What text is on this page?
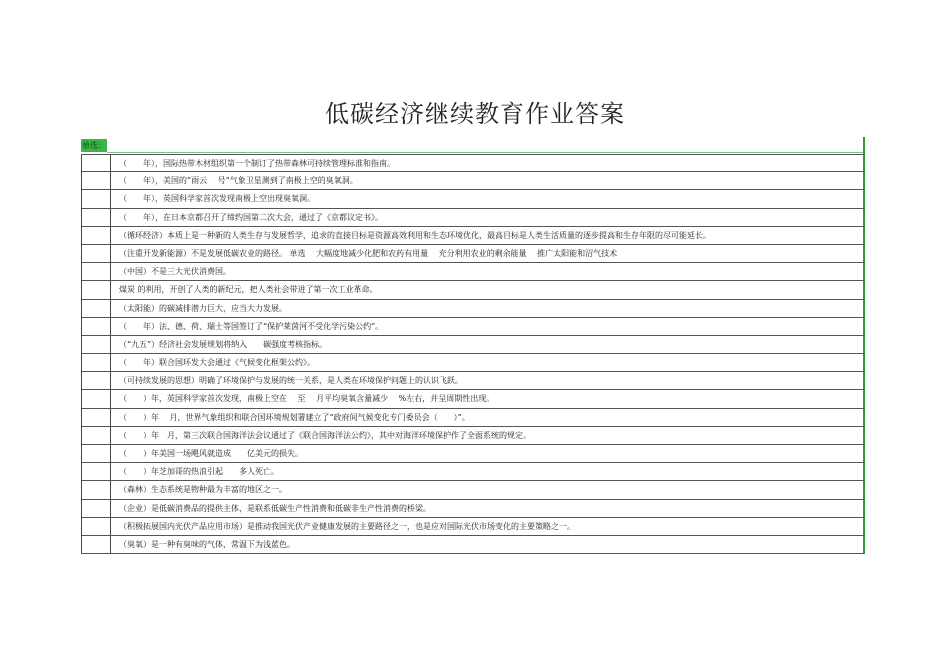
低碳经济继续教育作业答案
单选：
（　　年），国际热带木材组织第一个制订了热带森林可持续管理标准和指南。
（　　年），美国的“雨云　 号”气象卫星测到了南极上空的臭氧洞。
（　　年），英国科学家首次发现南极上空出现臭氧洞。
（　　年），在日本京都召开了缔约国第二次大会，通过了《京都议定书》。
（循环经济）本质上是一种新的人类生存与发展哲学，追求的直接目标是资源高效利用和生态环境优化，最高目标是人类生活质量的逐步提高和生存年限的尽可能延长。
（注重开发新能源）不是发展低碳农业的路径。 单选　 大幅度地减少化肥和农药有用量　 充分利用农业的剩余能量　 推广太阳能和沼气技术
（中国）不是三大光伏消费国。
煤炭 的利用，开创了人类的新纪元，把人类社会带进了第一次工业革命。
（太阳能）的碳减排潜力巨大，应当大力发展。
（　　年）法、德、荷、瑞士等国签订了“保护莱茵河不受化学污染公约”。
（“九五”）经济社会发展规划将纳入　　碳强度考核指标。
（　　年）联合国环发大会通过《气候变化框架公约》。
（可持续发展的思想）明确了环境保护与发展的统一关系，是人类在环境保护问题上的认识飞跃。
（　　）年，英国科学家首次发现，南极上空在　 至　 月平均臭氧含量减少　 %左右，并呈周期性出现。
（　　）年　 月，世界气象组织和联合国环境规划署建立了“政府间气候变化专门委员会（　　）”。
（　　）年　月，第三次联合国海洋法会议通过了《联合国海洋法公约》，其中对海洋环境保护作了全面系统的规定。
（　　）年美国一场飓风就造成　　亿美元的损失。
（　　）年芝加哥的热浪引起　　多人死亡。
（森林）生态系统是物种最为丰富的地区之一。
（企业）是低碳消费品的提供主体，是联系低碳生产性消费和低碳非生产性消费的桥梁。
（积极拓展国内光伏产品应用市场）是推动我国光伏产业健康发展的主要路径之一，也是应对国际光伏市场变化的主要策略之一。
（臭氧）是一种有臭味的气体，常温下为浅蓝色。
